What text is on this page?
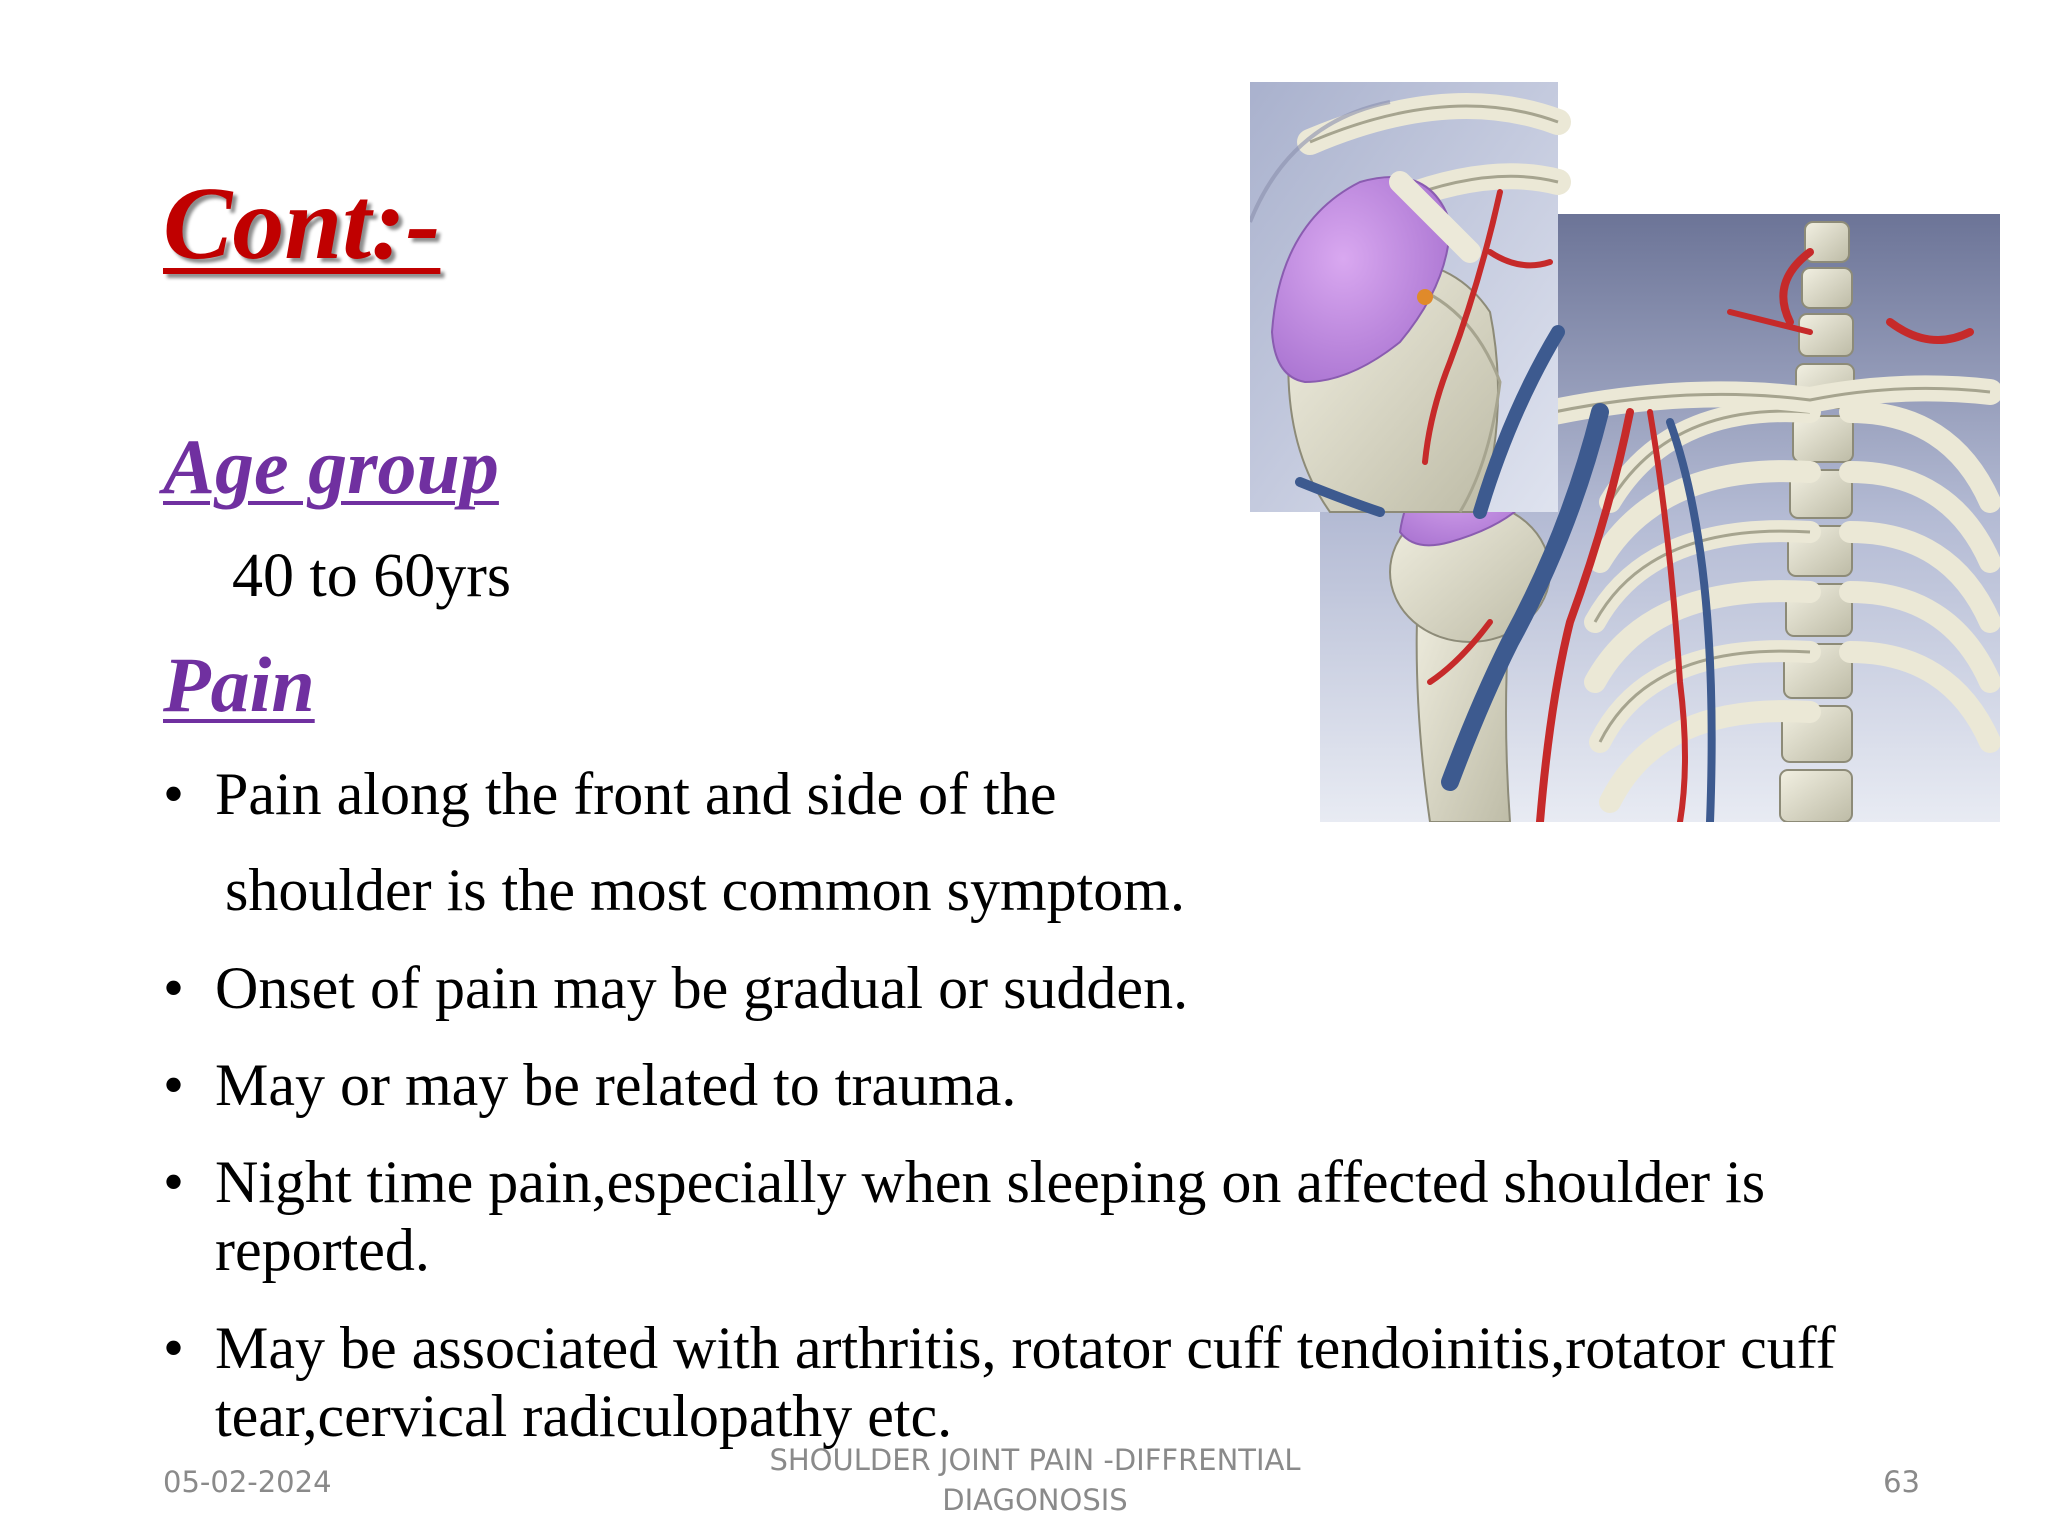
Cont:-
Age group
40 to 60yrs
Pain
• Pain along the front and side of the
shoulder is the most common symptom.
• Onset of pain may be gradual or sudden.
• May or may be related to trauma.
• Night time pain,especially when sleeping on affected shoulder is reported.
• May be associated with arthritis, rotator cuff tendoinitis,rotator cuff tear,cervical radiculopathy etc.
05-02-2024
SHOULDER JOINT PAIN -DIFFRENTIAL DIAGONOSIS
63
